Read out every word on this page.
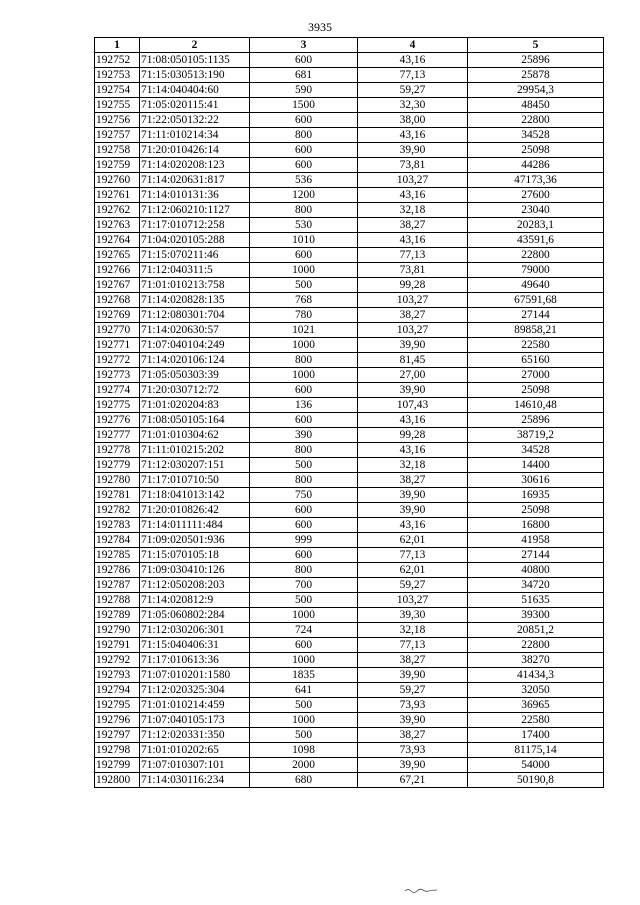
3935
1	2	3	4	5
192752	71:08:050105:1135	600	43,16	25896
192753	71:15:030513:190	681	77,13	25878
192754	71:14:040404:60	590	59,27	29954,3
192755	71:05:020115:41	1500	32,30	48450
192756	71:22:050132:22	600	38,00	22800
192757	71:11:010214:34	800	43,16	34528
192758	71:20:010426:14	600	39,90	25098
192759	71:14:020208:123	600	73,81	44286
192760	71:14:020631:817	536	103,27	47173,36
192761	71:14:010131:36	1200	43,16	27600
192762	71:12:060210:1127	800	32,18	23040
192763	71:17:010712:258	530	38,27	20283,1
192764	71:04:020105:288	1010	43,16	43591,6
192765	71:15:070211:46	600	77,13	22800
192766	71:12:040311:5	1000	73,81	79000
192767	71:01:010213:758	500	99,28	49640
192768	71:14:020828:135	768	103,27	67591,68
192769	71:12:080301:704	780	38,27	27144
192770	71:14:020630:57	1021	103,27	89858,21
192771	71:07:040104:249	1000	39,90	22580
192772	71:14:020106:124	800	81,45	65160
192773	71:05:050303:39	1000	27,00	27000
192774	71:20:030712:72	600	39,90	25098
192775	71:01:020204:83	136	107,43	14610,48
192776	71:08:050105:164	600	43,16	25896
192777	71:01:010304:62	390	99,28	38719,2
192778	71:11:010215:202	800	43,16	34528
192779	71:12:030207:151	500	32,18	14400
192780	71:17:010710:50	800	38,27	30616
192781	71:18:041013:142	750	39,90	16935
192782	71:20:010826:42	600	39,90	25098
192783	71:14:011111:484	600	43,16	16800
192784	71:09:020501:936	999	62,01	41958
192785	71:15:070105:18	600	77,13	27144
192786	71:09:030410:126	800	62,01	40800
192787	71:12:050208:203	700	59,27	34720
192788	71:14:020812:9	500	103,27	51635
192789	71:05:060802:284	1000	39,30	39300
192790	71:12:030206:301	724	32,18	20851,2
192791	71:15:040406:31	600	77,13	22800
192792	71:17:010613:36	1000	38,27	38270
192793	71:07:010201:1580	1835	39,90	41434,3
192794	71:12:020325:304	641	59,27	32050
192795	71:01:010214:459	500	73,93	36965
192796	71:07:040105:173	1000	39,90	22580
192797	71:12:020331:350	500	38,27	17400
192798	71:01:010202:65	1098	73,93	81175,14
192799	71:07:010307:101	2000	39,90	54000
192800	71:14:030116:234	680	67,21	50190,8
